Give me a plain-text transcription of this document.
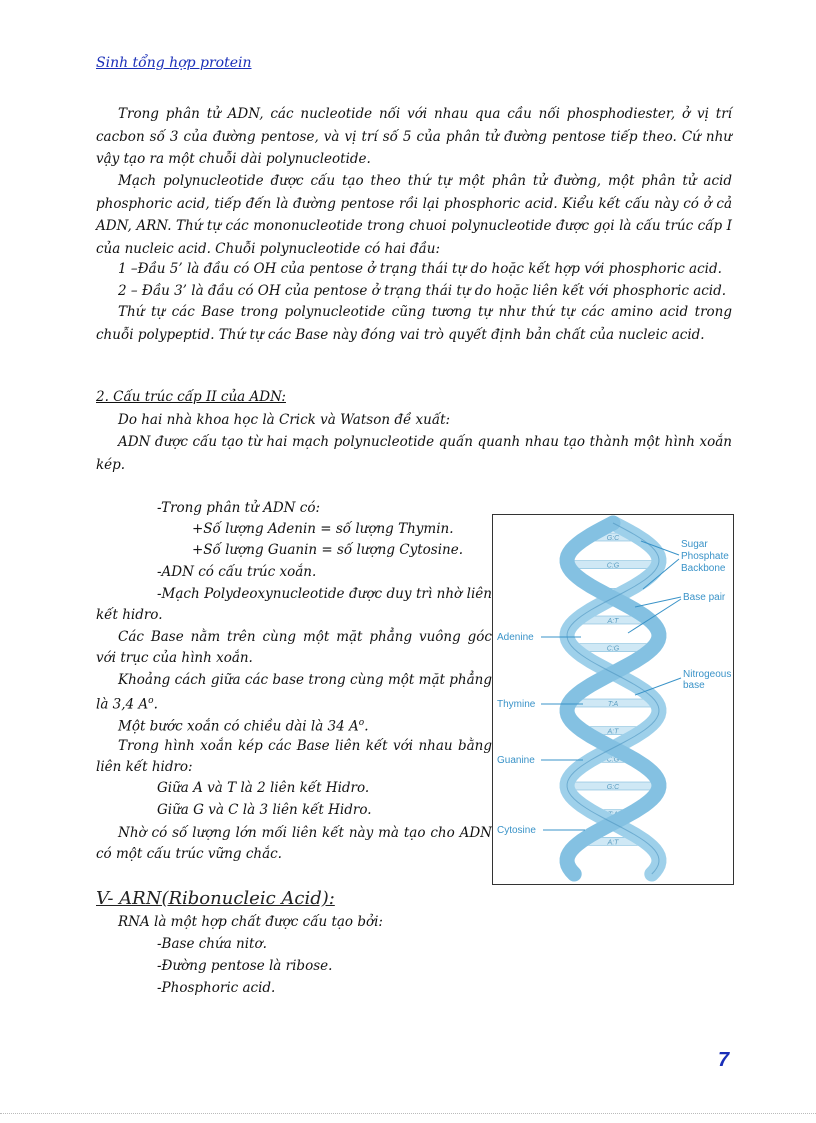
Sinh tổng hợp protein
Trong phân tử ADN, các nucleotide nối với nhau qua cầu nối phosphodiester, ở vị trí cacbon số 3 của đường pentose, và vị trí số 5 của phân tử đường pentose tiếp theo. Cứ như vậy tạo ra một chuỗi dài polynucleotide.
Mạch polynucleotide được cấu tạo theo thứ tự một phân tử đường, một phân tử acid phosphoric acid, tiếp đến là đường pentose rồi lại phosphoric acid. Kiểu kết cấu này có ở cả ADN, ARN. Thứ tự các mononucleotide trong chuoi polynucleotide được gọi là cấu trúc cấp I của nucleic acid. Chuỗi polynucleotide có hai đầu:
1 –Đầu 5’ là đầu có OH của pentose ở trạng thái tự do hoặc kết hợp với phosphoric acid.
2 – Đầu 3’ là đầu có OH của pentose ở trạng thái tự do hoặc liên kết với phosphoric acid.
Thứ tự các Base trong polynucleotide cũng tương tự như thứ tự các amino acid trong chuỗi polypeptid. Thứ tự các Base này đóng vai trò quyết định bản chất của nucleic acid.
2. Cấu trúc cấp II của ADN:
Do hai nhà khoa học là Crick và Watson đề xuất:
ADN được cấu tạo từ hai mạch polynucleotide quấn quanh nhau tạo thành một hình xoắn kép.
-Trong phân tử ADN có:
+Số lượng Adenin = số lượng Thymin.
+Số lượng Guanin = số lượng Cytosine.
-ADN có cấu trúc xoắn.
-Mạch Polydeoxynucleotide được duy trì nhờ liên kết hidro.
Các Base nằm trên cùng một mặt phẳng vuông góc với trục của hình xoắn.
Khoảng cách giữa các base trong cùng một mặt phẳng là 3,4 $A^o$.
Một bước xoắn có chiều dài là 34 $A^o$.
Trong hình xoắn kép các Base liên kết với nhau bằng liên kết hidro:
Giữa A và T là 2 liên kết Hidro.
Giữa G và C là 3 liên kết Hidro.
Nhờ có số lượng lớn mối liên kết này mà tạo cho ADN có một cấu trúc vững chắc.
G:C
C:G
T:A
A:T
C:G
G:C
T:A
A:T
C:G
G:C
T:A
A:T
Sugar
Phosphate
Backbone
Base pair
Adenine
Nitrogeous
base
Thymine
Guanine
Cytosine
V- ARN(Ribonucleic Acid):
RNA là một hợp chất được cấu tạo bởi:
-Base chứa nitơ.
-Đường pentose là ribose.
-Phosphoric acid.
7
